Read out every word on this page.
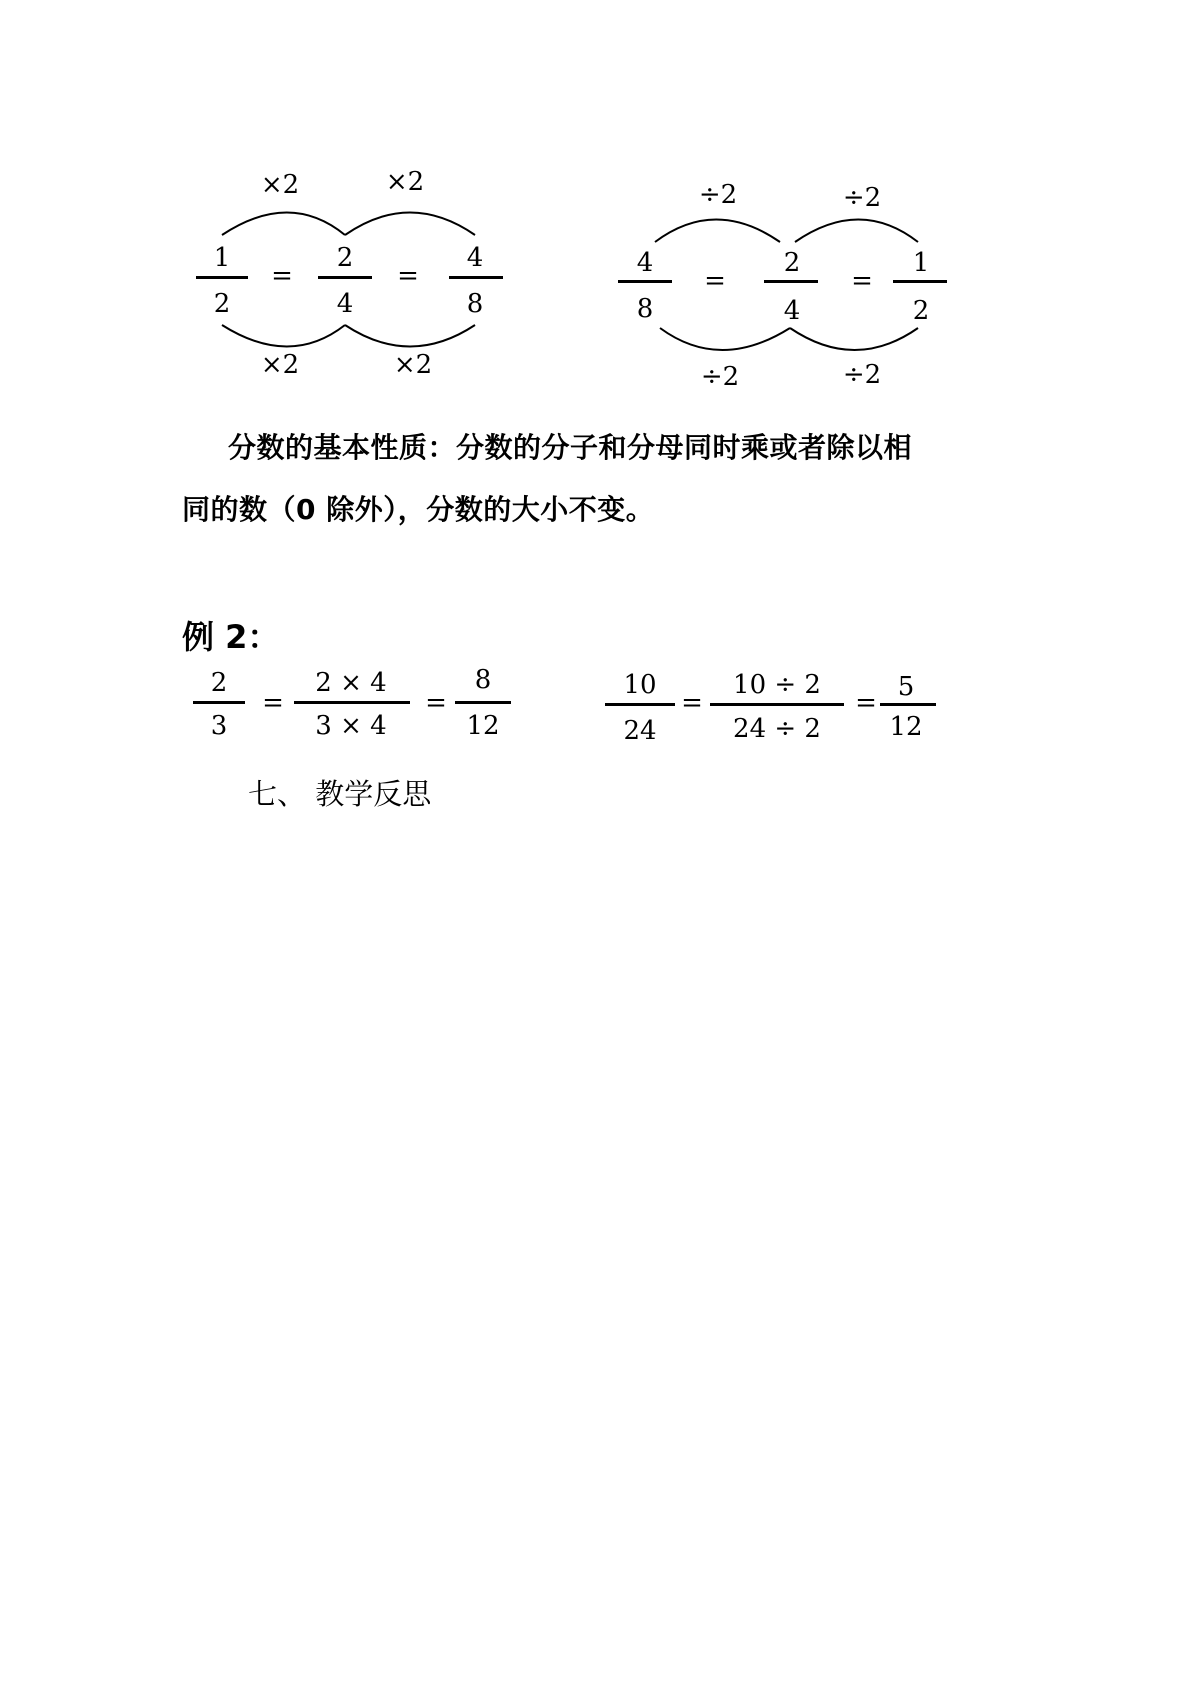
×2	×2
1
2
=
2
4
=
4
8
×2	×2
÷2	÷2
4
8
=
2
4
=
1
2
÷2	÷2
分数的基本性质：分数的分子和分母同时乘或者除以相
同的数（0 除外），分数的大小不变。
例 2：
2
3
=
2 × 4
3 × 4
=
8
12
10
24
=
10 ÷ 2
24 ÷ 2
=
5
12
七、 教学反思
